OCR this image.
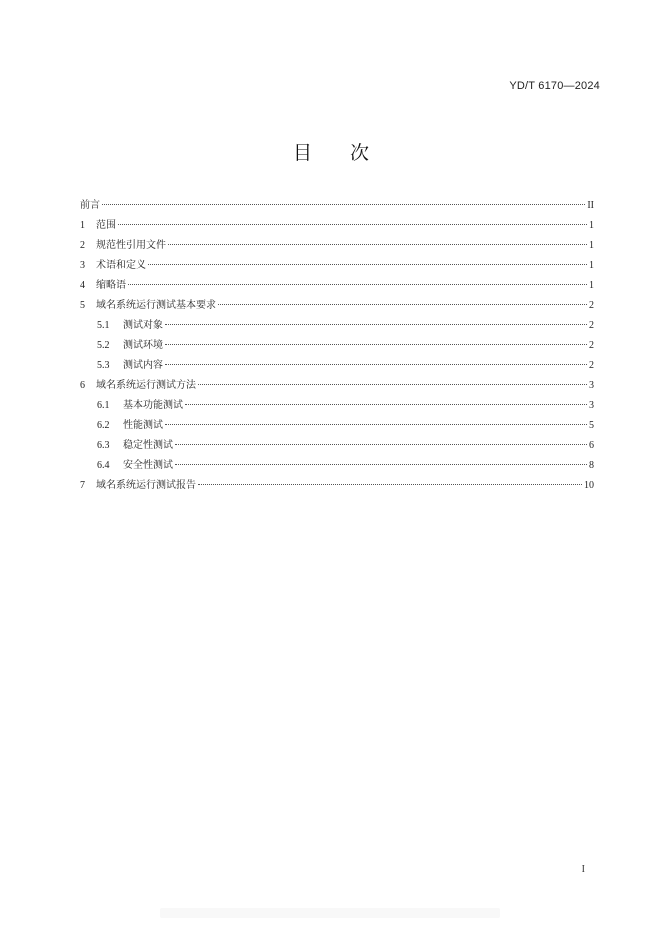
YD/T 6170—2024
目　　次
前言	II
1	范围	1
2	规范性引用文件	1
3	术语和定义	1
4	缩略语	1
5	域名系统运行测试基本要求	2
5.1	测试对象	2
5.2	测试环境	2
5.3	测试内容	2
6	域名系统运行测试方法	3
6.1	基本功能测试	3
6.2	性能测试	5
6.3	稳定性测试	6
6.4	安全性测试	8
7	域名系统运行测试报告	10
I
